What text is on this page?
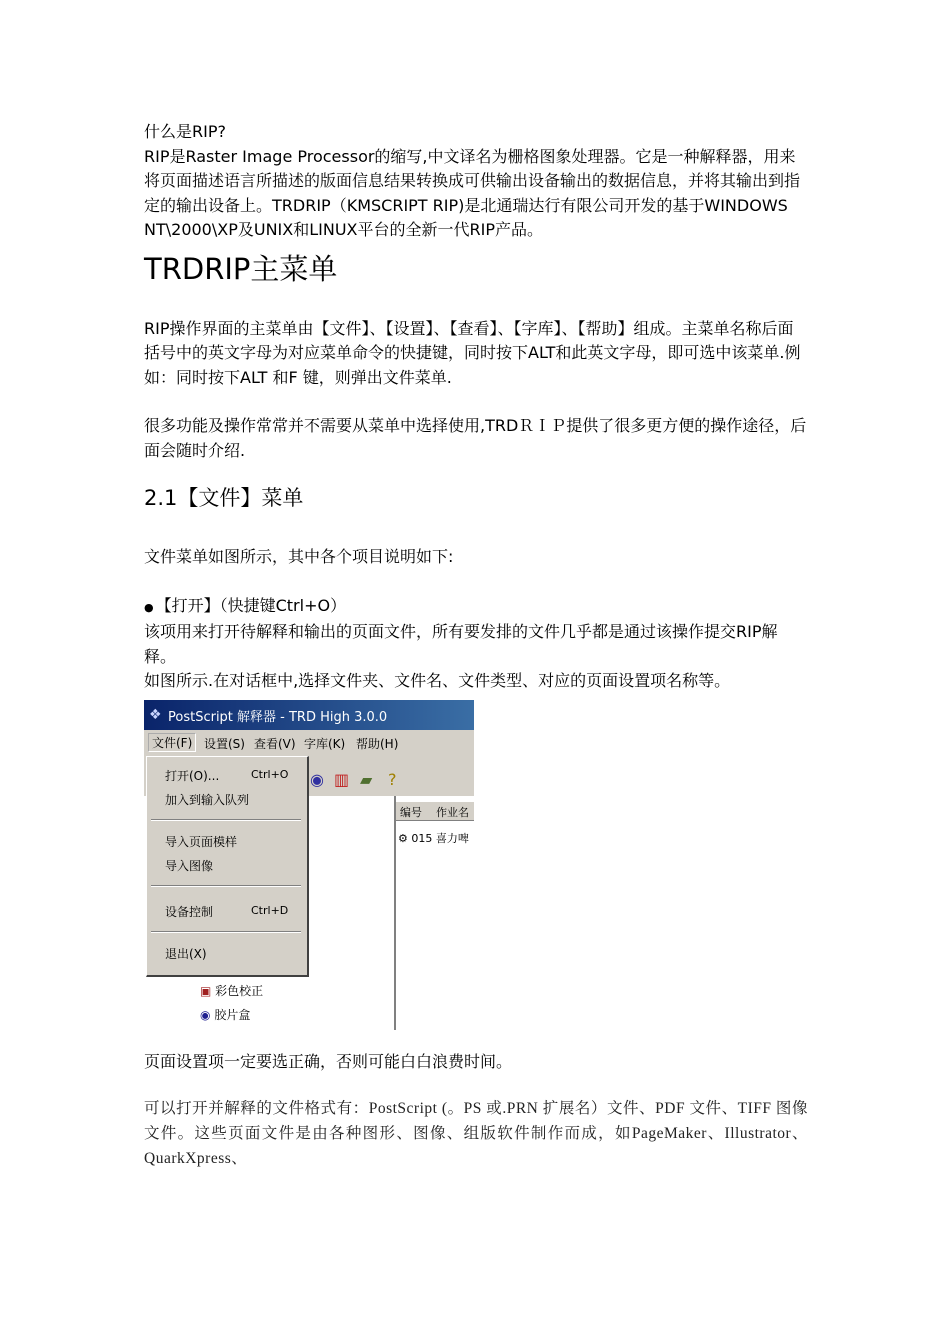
什么是RIP?

RIP是Raster Image Processor的缩写,中文译名为栅格图象处理器。它是一种解释器，用来将页面描述语言所描述的版面信息结果转换成可供输出设备输出的数据信息，并将其输出到指定的输出设备上。TRDRIP（KMSCRIPT RIP)是北通瑞达行有限公司开发的基于WINDOWS NT\2000\XP及UNIX和LINUX平台的全新一代RIP产品。

TRDRIP主菜单

RIP操作界面的主菜单由【文件】、【设置】、【查看】、【字库】、【帮助】组成。主菜单名称后面括号中的英文字母为对应菜单命令的快捷键，同时按下ALT和此英文字母，即可选中该菜单.例如：同时按下ALT 和F 键，则弹出文件菜单.

很多功能及操作常常并不需要从菜单中选择使用,TRDＲＩＰ提供了很多更方便的操作途径，后面会随时介绍.

2.1【文件】菜单

文件菜单如图所示，其中各个项目说明如下:

● 【打开】（快捷键Ctrl+O）

该项用来打开待解释和输出的页面文件，所有要发排的文件几乎都是通过该操作提交RIP解释。

如图所示.在对话框中,选择文件夹、文件名、文件类型、对应的页面设置项名称等。

❖ PostScript 解释器 - TRD High 3.0.0
文件(F) 设置(S) 查看(V) 字库(K) 帮助(H)
◉ ▥ ▰ ?
▣ 彩色校正
◉ 胶片盒
编号 作业名
⚙ 015 喜力啤
打开(O)...	Ctrl+O
加入到输入队列
导入页面模样
导入图像
设备控制	Ctrl+D
退出(X)

页面设置项一定要选正确，否则可能白白浪费时间。

可以打开并解释的文件格式有：PostScript (。PS 或.PRN 扩展名）文件、PDF 文件、TIFF 图像文件。这些页面文件是由各种图形、图像、组版软件制作而成，如PageMaker、Illustrator、QuarkXpress、
